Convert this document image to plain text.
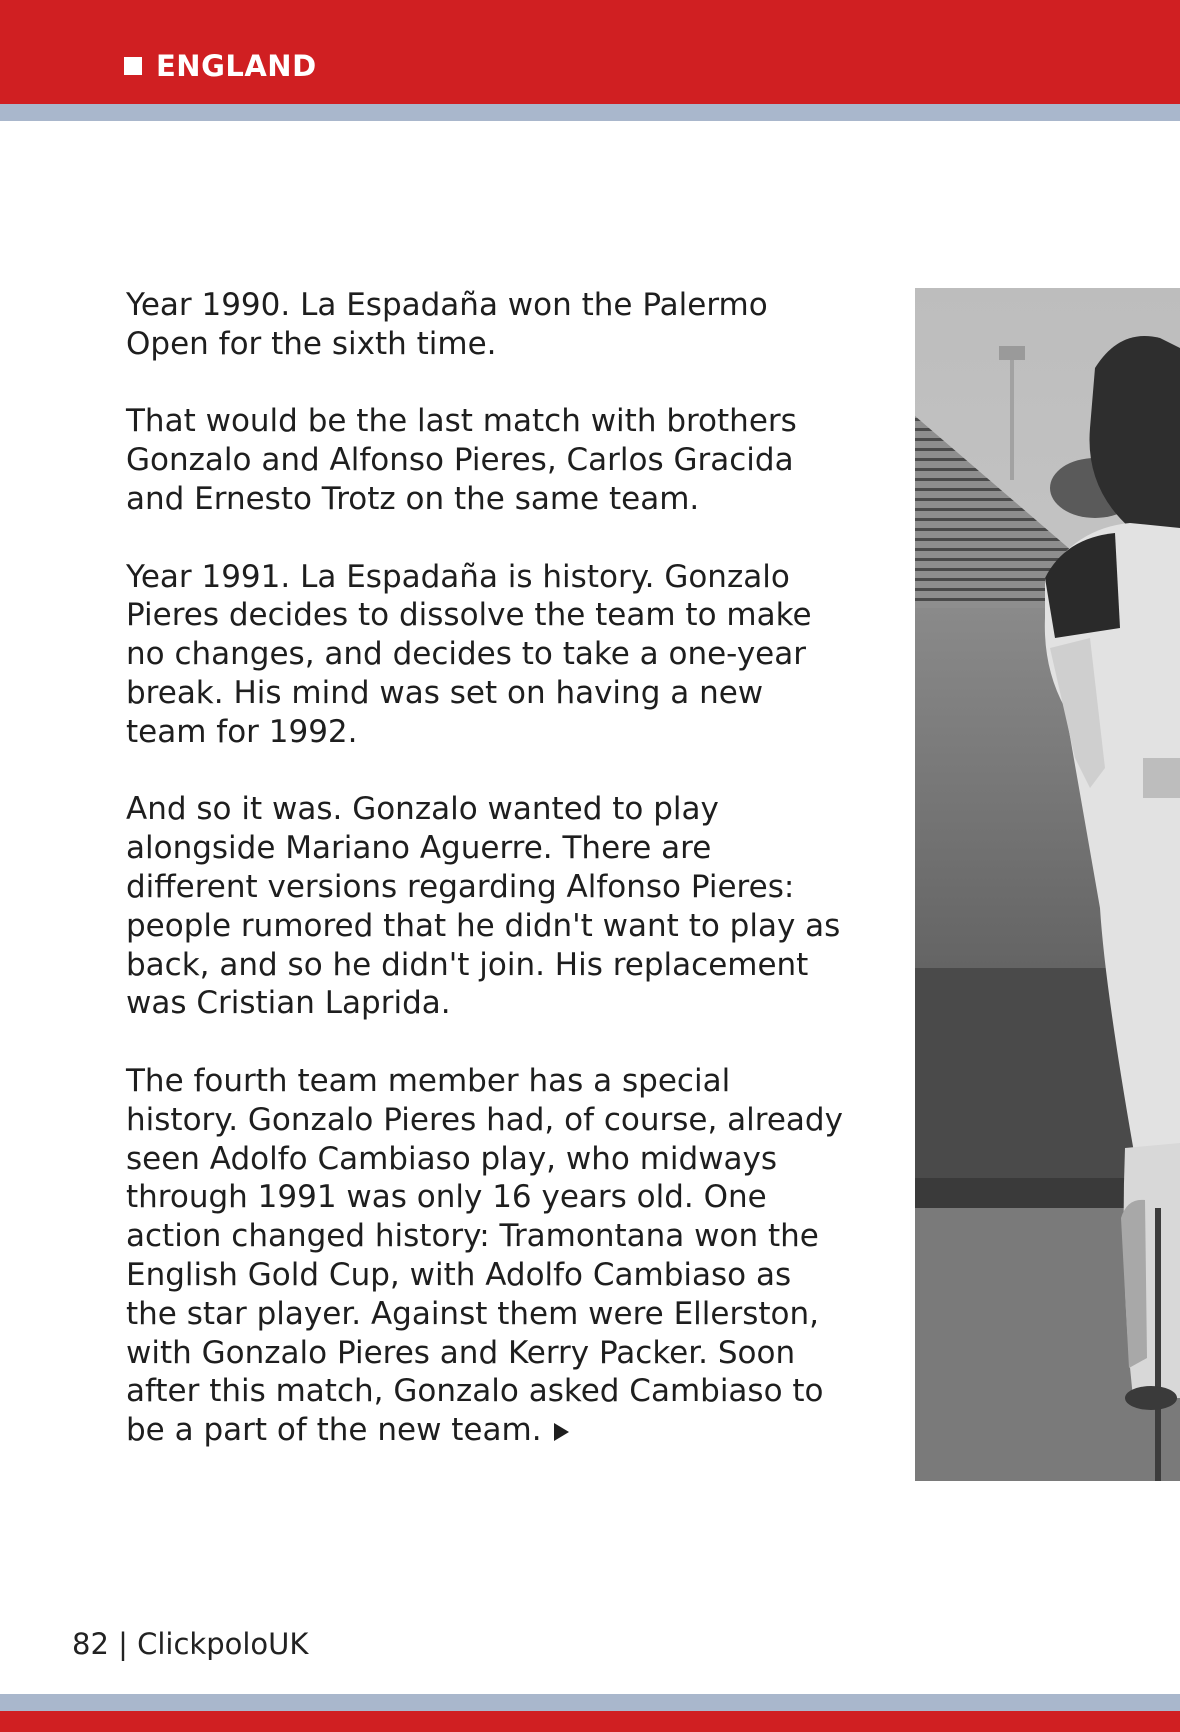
ENGLAND

Year 1990. La Espadaña won the Palermo Open for the sixth time.

That would be the last match with brothers Gonzalo and Alfonso Pieres, Carlos Gracida and Ernesto Trotz on the same team.

Year 1991. La Espadaña is history. Gonzalo Pieres decides to dissolve the team to make no changes, and decides to take a one-year break. His mind was set on having a new team for 1992.

And so it was. Gonzalo wanted to play alongside Mariano Aguerre. There are different versions regarding Alfonso Pieres: people rumored that he didn't want to play as back, and so he didn't join. His replacement was Cristian Laprida.

The fourth team member has a special history. Gonzalo Pieres had, of course, already seen Adolfo Cambiaso play, who midways through 1991 was only 16 years old. One action changed history: Tramontana won the English Gold Cup, with Adolfo Cambiaso as the star player. Against them were Ellerston, with Gonzalo Pieres and Kerry Packer. Soon after this match, Gonzalo asked Cambiaso to be a part of the new team.

82 | ClickpoloUK
